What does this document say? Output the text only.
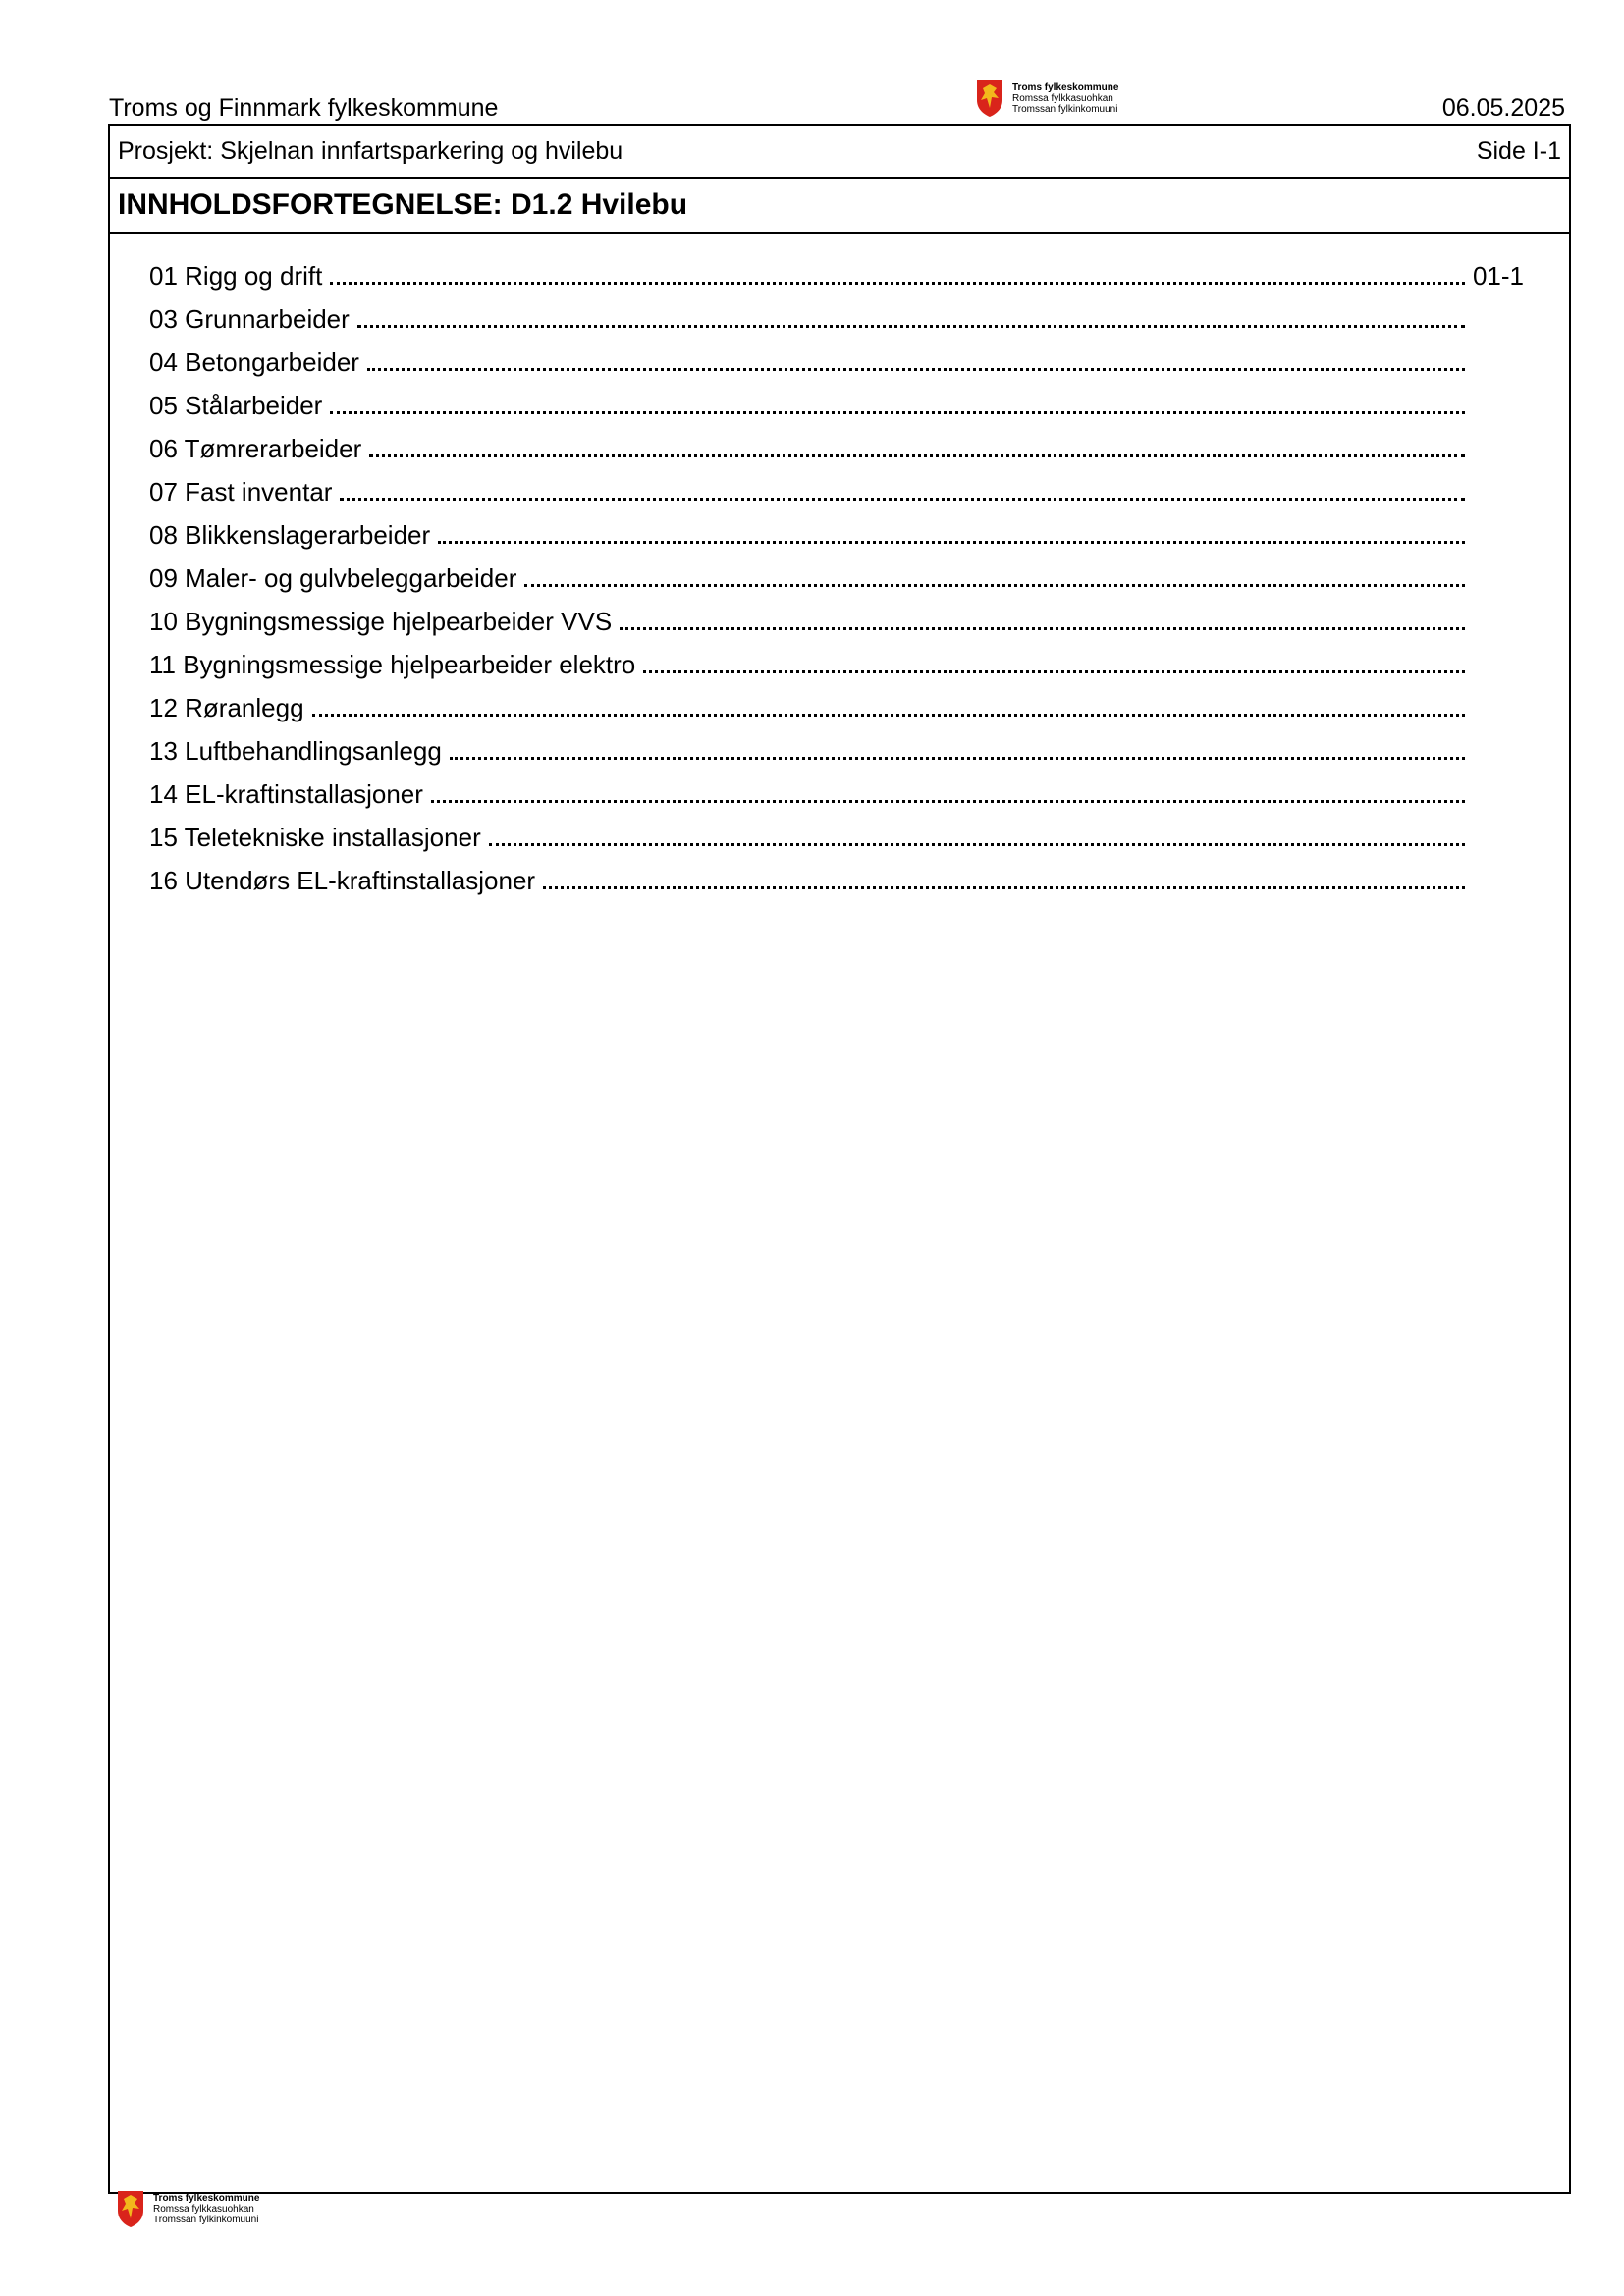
Troms og Finnmark fylkeskommune
Troms fylkeskommune
Romssa fylkkasuohkan
Tromssan fylkinkomuuni	06.05.2025
Prosjekt: Skjelnan innfartsparkering og hvilebu	Side I-1
INNHOLDSFORTEGNELSE: D1.2 Hvilebu
01 Rigg og drift	01-1
03 Grunnarbeider
04 Betongarbeider
05 Stålarbeider
06 Tømrerarbeider
07 Fast inventar
08 Blikkenslagerarbeider
09 Maler- og gulvbeleggarbeider
10 Bygningsmessige hjelpearbeider VVS
11 Bygningsmessige hjelpearbeider elektro
12 Røranlegg
13 Luftbehandlingsanlegg
14 EL-kraftinstallasjoner
15 Teletekniske installasjoner
16 Utendørs EL-kraftinstallasjoner
Troms fylkeskommune
Romssa fylkkasuohkan
Tromssan fylkinkomuuni
